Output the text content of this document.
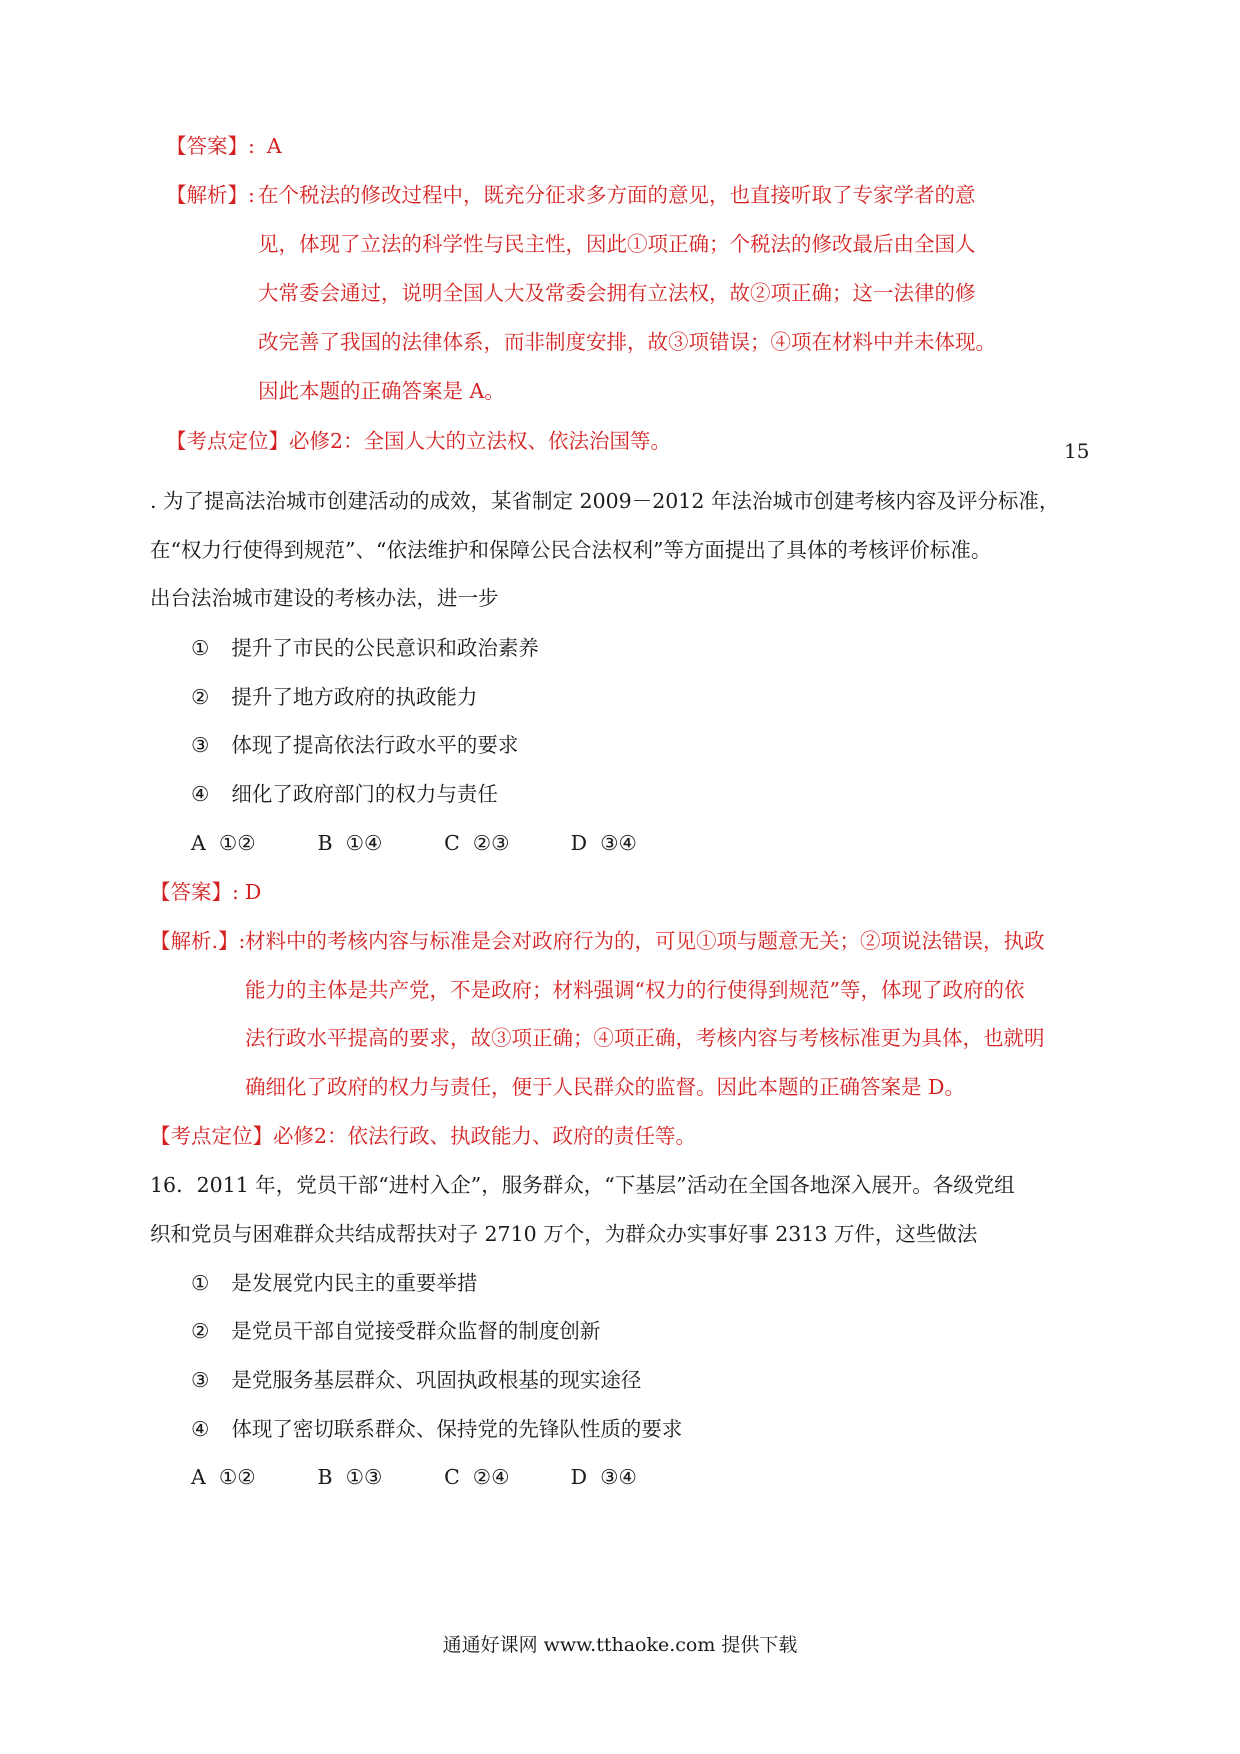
【答案】: A
【解析】: 在个税法的修改过程中，既充分征求多方面的意见，也直接听取了专家学者的意
见，体现了立法的科学性与民主性，因此①项正确；个税法的修改最后由全国人
大常委会通过，说明全国人大及常委会拥有立法权，故②项正确；这一法律的修
改完善了我国的法律体系，而非制度安排，故③项错误；④项在材料中并未体现。
因此本题的正确答案是 A。
【考点定位】必修2：全国人大的立法权、依法治国等。	15
. 为了提高法治城市创建活动的成效，某省制定 2009－2012 年法治城市创建考核内容及评分标准，
在“权力行使得到规范”、“依法维护和保障公民合法权利”等方面提出了具体的考核评价标准。
出台法治城市建设的考核办法，进一步
① 提升了市民的公民意识和政治素养
② 提升了地方政府的执政能力
③ 体现了提高依法行政水平的要求
④ 细化了政府部门的权力与责任
A ①②	B ①④	C ②③	D ③④
【答案】: D
【解析.】: 材料中的考核内容与标准是会对政府行为的，可见①项与题意无关；②项说法错误，执政
能力的主体是共产党，不是政府；材料强调“权力的行使得到规范”等，体现了政府的依
法行政水平提高的要求，故③项正确；④项正确，考核内容与考核标准更为具体，也就明
确细化了政府的权力与责任，便于人民群众的监督。因此本题的正确答案是 D。
【考点定位】必修2：依法行政、执政能力、政府的责任等。
16．2011 年，党员干部“进村入企”，服务群众，“下基层”活动在全国各地深入展开。各级党组
织和党员与困难群众共结成帮扶对子 2710 万个，为群众办实事好事 2313 万件，这些做法
① 是发展党内民主的重要举措
② 是党员干部自觉接受群众监督的制度创新
③ 是党服务基层群众、巩固执政根基的现实途径
④ 体现了密切联系群众、保持党的先锋队性质的要求
A ①②	B ①③	C ②④	D ③④
通通好课网 www.tthaoke.com 提供下载
